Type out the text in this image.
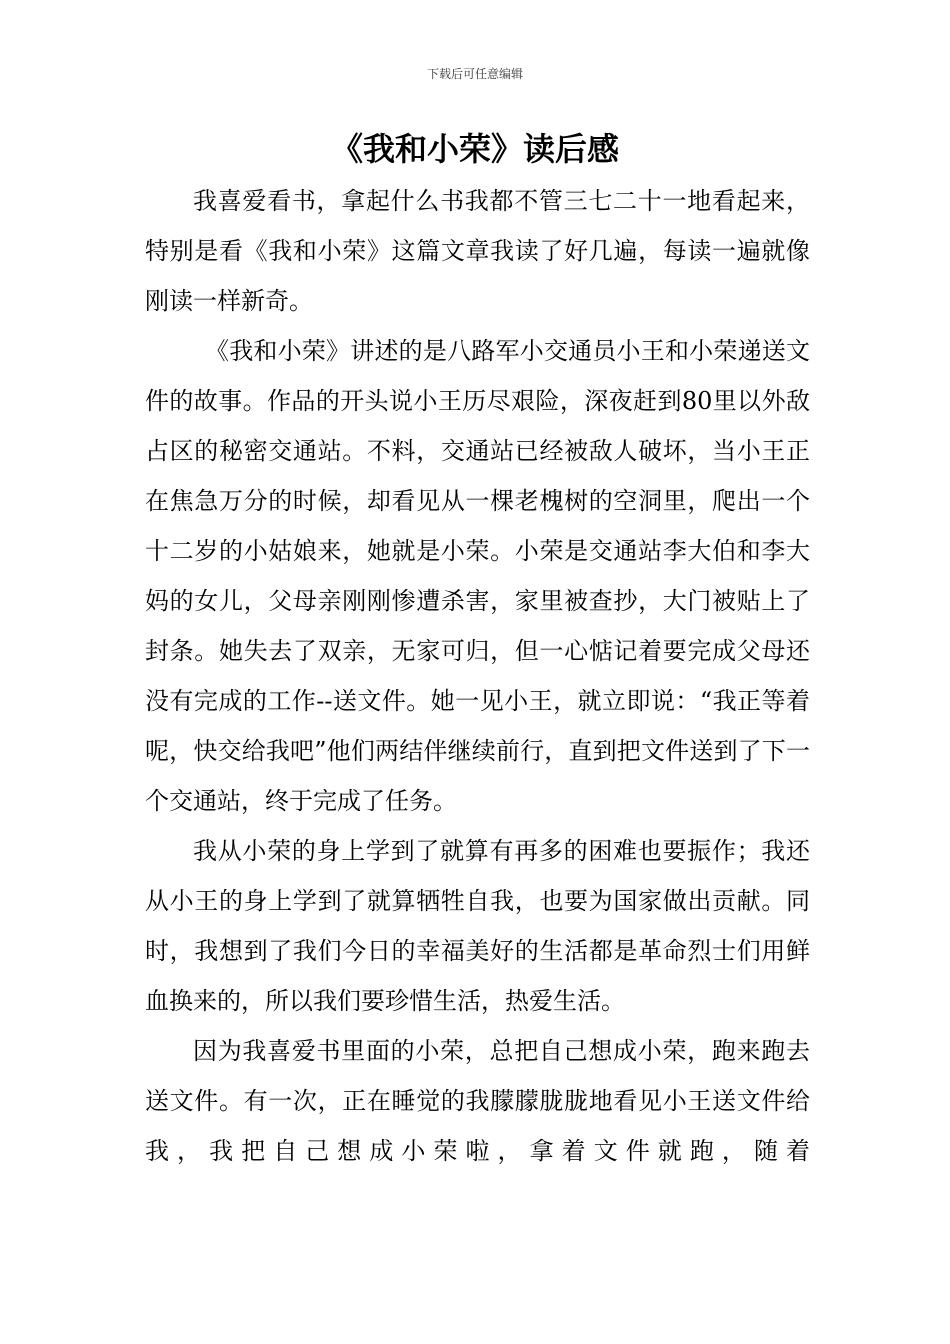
下载后可任意编辑
《我和小荣》读后感

我喜爱看书，拿起什么书我都不管三七二十一地看起来，特别是看《我和小荣》这篇文章我读了好几遍，每读一遍就像刚读一样新奇。

《我和小荣》讲述的是八路军小交通员小王和小荣递送文件的故事。作品的开头说小王历尽艰险，深夜赶到80里以外敌占区的秘密交通站。不料，交通站已经被敌人破坏，当小王正在焦急万分的时候，却看见从一棵老槐树的空洞里，爬出一个十二岁的小姑娘来，她就是小荣。小荣是交通站李大伯和李大妈的女儿，父母亲刚刚惨遭杀害，家里被查抄，大门被贴上了封条。她失去了双亲，无家可归，但一心惦记着要完成父母还没有完成的工作--送文件。她一见小王，就立即说：“我正等着呢，快交给我吧”他们两结伴继续前行，直到把文件送到了下一个交通站，终于完成了任务。

我从小荣的身上学到了就算有再多的困难也要振作；我还从小王的身上学到了就算牺牲自我，也要为国家做出贡献。同时，我想到了我们今日的幸福美好的生活都是革命烈士们用鲜血换来的，所以我们要珍惜生活，热爱生活。

因为我喜爱书里面的小荣，总把自己想成小荣，跑来跑去送文件。有一次，正在睡觉的我朦朦胧胧地看见小王送文件给我，我把自己想成小荣啦，拿着文件就跑，随着
